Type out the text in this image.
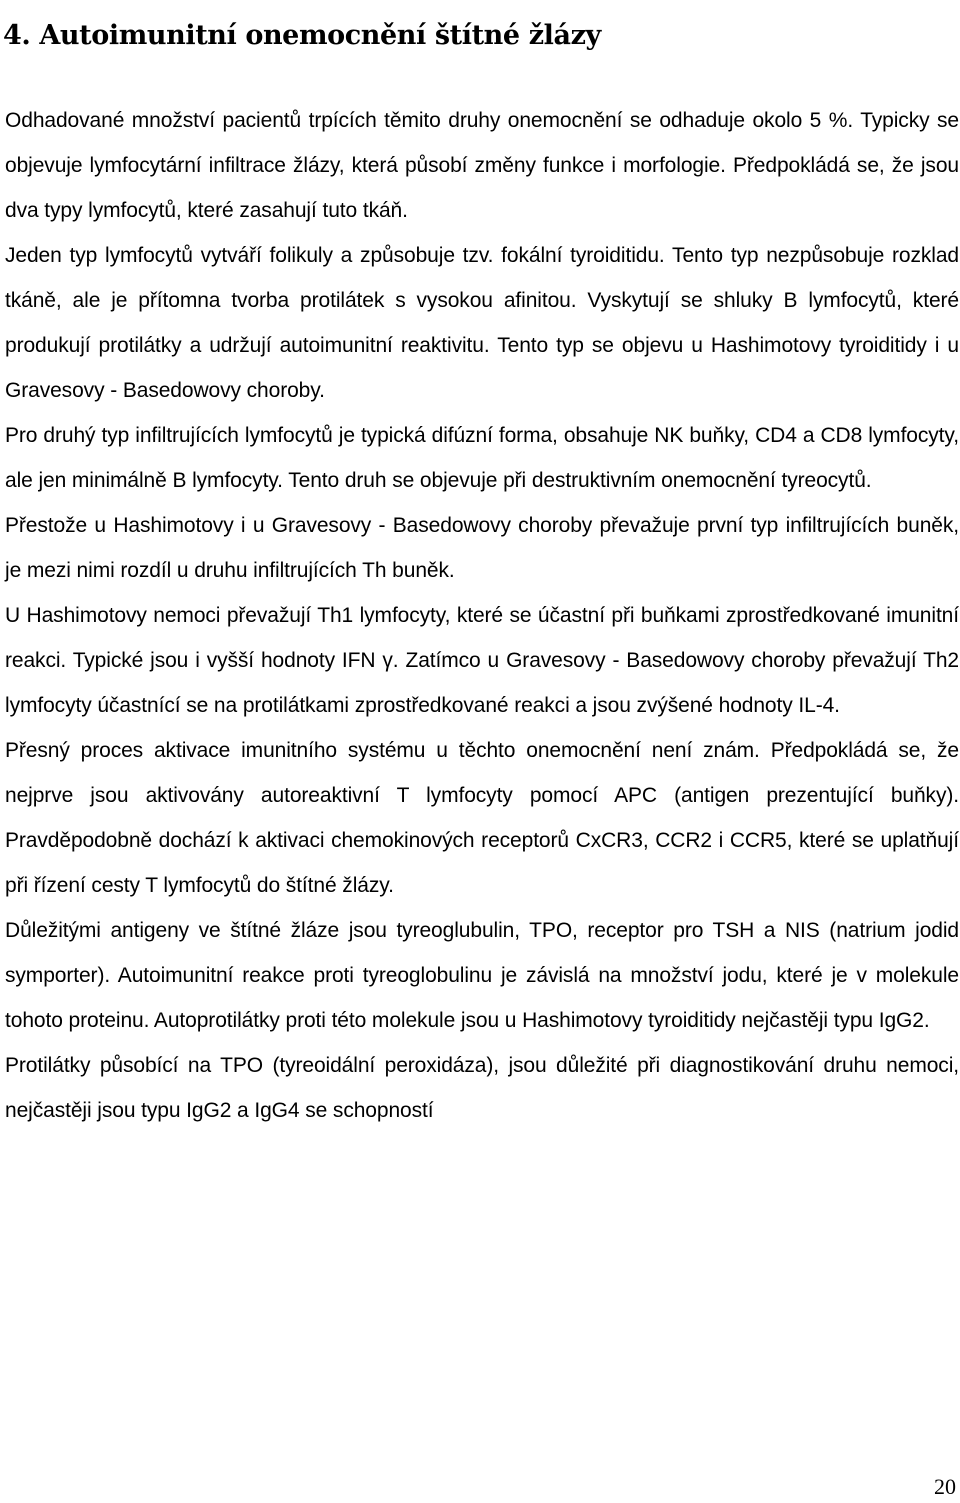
4. Autoimunitní onemocnění štítné žlázy

Odhadované množství pacientů trpících těmito druhy onemocnění se odhaduje okolo 5 %. Typicky se objevuje lymfocytární infiltrace žlázy, která působí změny funkce i morfologie. Předpokládá se, že jsou dva typy lymfocytů, které zasahují tuto tkáň.

Jeden typ lymfocytů vytváří folikuly a způsobuje tzv. fokální tyroiditidu. Tento typ nezpůsobuje rozklad tkáně, ale je přítomna tvorba protilátek s vysokou afinitou. Vyskytují se shluky B lymfocytů, které produkují protilátky a udržují autoimunitní reaktivitu. Tento typ se objevu u Hashimotovy tyroiditidy i u Gravesovy - Basedowovy choroby.

Pro druhý typ infiltrujících lymfocytů je typická difúzní forma, obsahuje NK buňky, CD4 a CD8 lymfocyty, ale jen minimálně B lymfocyty. Tento druh se objevuje při destruktivním onemocnění tyreocytů.

Přestože u Hashimotovy i u Gravesovy - Basedowovy choroby převažuje první typ infiltrujících buněk, je mezi nimi rozdíl u druhu infiltrujících Th buněk.

U Hashimotovy nemoci převažují Th1 lymfocyty, které se účastní při buňkami zprostředkované imunitní reakci. Typické jsou i vyšší hodnoty IFN γ. Zatímco u Gravesovy - Basedowovy choroby převažují Th2 lymfocyty účastnící se na protilátkami zprostředkované reakci a jsou zvýšené hodnoty IL-4.

Přesný proces aktivace imunitního systému u těchto onemocnění není znám. Předpokládá se, že nejprve jsou aktivovány autoreaktivní T lymfocyty pomocí APC (antigen prezentující buňky). Pravděpodobně dochází k aktivaci chemokinových receptorů CxCR3, CCR2 i CCR5, které se uplatňují při řízení cesty T lymfocytů do štítné žlázy.

Důležitými antigeny ve štítné žláze jsou tyreoglubulin, TPO, receptor pro TSH a NIS (natrium jodid symporter). Autoimunitní reakce proti tyreoglobulinu je závislá na množství jodu, které je v molekule tohoto proteinu. Autoprotilátky proti této molekule jsou u Hashimotovy tyroiditidy nejčastěji typu IgG2.

Protilátky působící na TPO (tyreoidální peroxidáza), jsou důležité při diagnostikování druhu nemoci, nejčastěji jsou typu IgG2 a IgG4 se schopností

20
